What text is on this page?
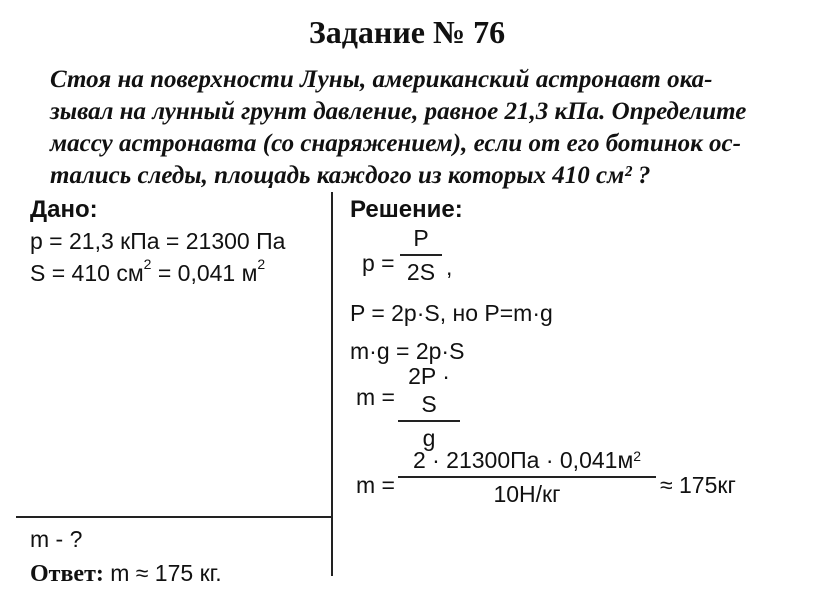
Задание № 76
Стоя на поверхности Луны, американский астронавт ока-
зывал на лунный грунт давление, равное 21,3 кПа. Определите
массу астронавта (со снаряжением), если от его ботинок ос-
тались следы, площадь каждого из которых 410 см² ?
Дано:
p = 21,3 кПа = 21300 Па
S = 410 $см^2 = 0,041$ $м^2$
m - ?
Решение:
p =
P
2S ,
P = 2p·S, но P=m·g
m·g = 2p·S
m =
2P · S
g
m =
$2 \cdot 21300Па \cdot 0,041м^2$
10Н/кг	≈ 175кг
Ответ: m ≈ 175 кг.
